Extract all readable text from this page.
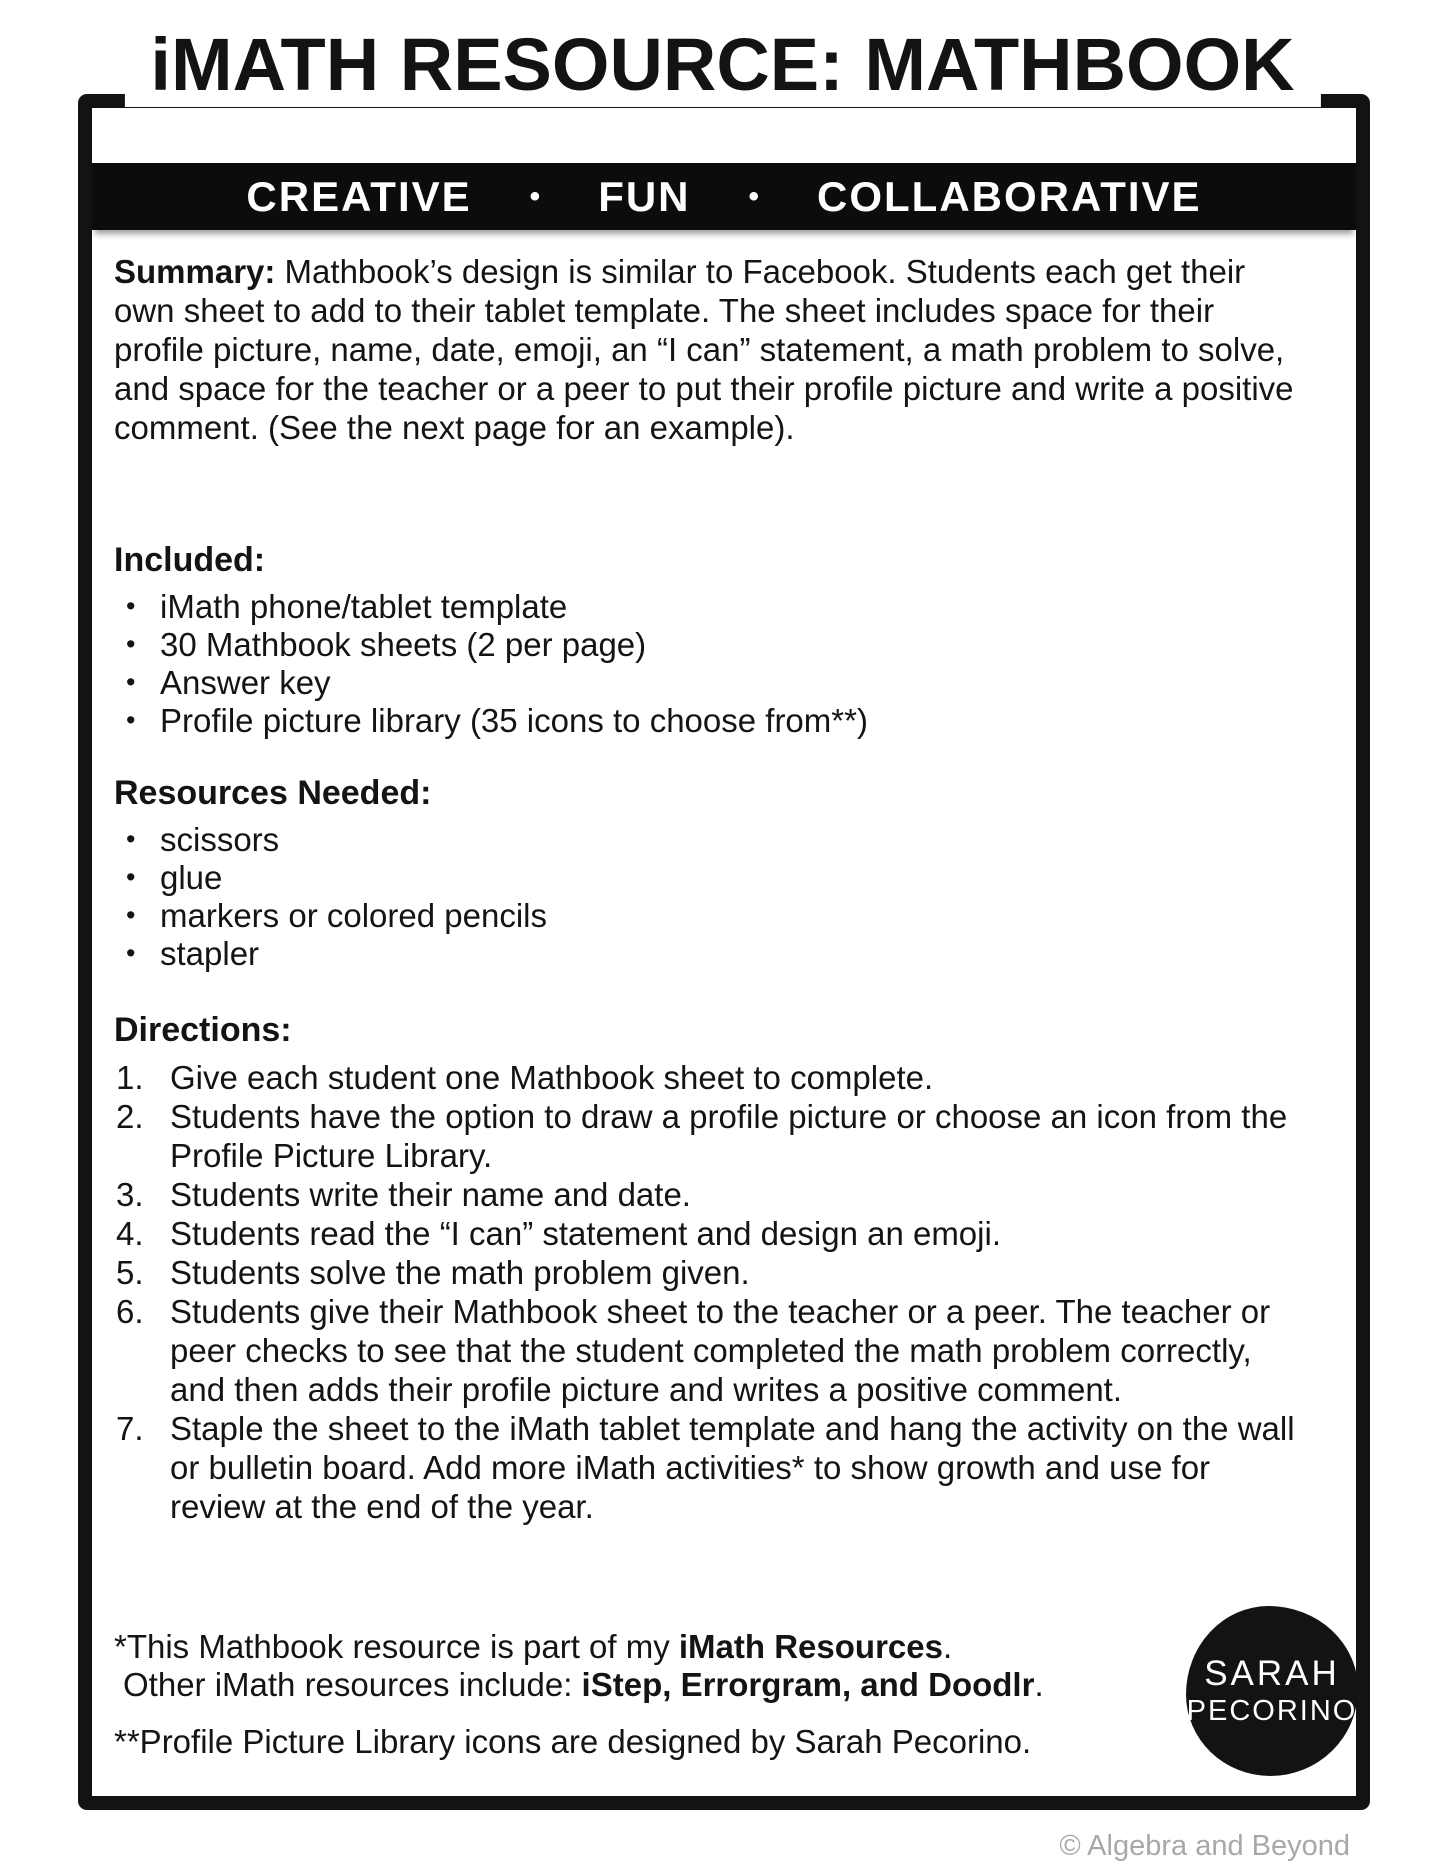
iMATH RESOURCE: MATHBOOK
CREATIVE • FUN • COLLABORATIVE

Summary: Mathbook’s design is similar to Facebook. Students each get their own sheet to add to their tablet template. The sheet includes space for their profile picture, name, date, emoji, an “I can” statement, a math problem to solve, and space for the teacher or a peer to put their profile picture and write a positive comment. (See the next page for an example).

Included:

• iMath phone/tablet template
• 30 Mathbook sheets (2 per page)
• Answer key
• Profile picture library (35 icons to choose from**)

Resources Needed:

• scissors
• glue
• markers or colored pencils
• stapler

Directions:

Give each student one Mathbook sheet to complete.
Students have the option to draw a profile picture or choose an icon from the Profile Picture Library.
Students write their name and date.
Students read the “I can” statement and design an emoji.
Students solve the math problem given.
Students give their Mathbook sheet to the teacher or a peer. The teacher or peer checks to see that the student completed the math problem correctly, and then adds their profile picture and writes a positive comment.
Staple the sheet to the iMath tablet template and hang the activity on the wall or bulletin board. Add more iMath activities* to show growth and use for review at the end of the year.

*This Mathbook resource is part of my iMath Resources.

Other iMath resources include: iStep, Errorgram, and Doodlr.

**Profile Picture Library icons are designed by Sarah Pecorino.

SARAH
PECORINO
© Algebra and Beyond
